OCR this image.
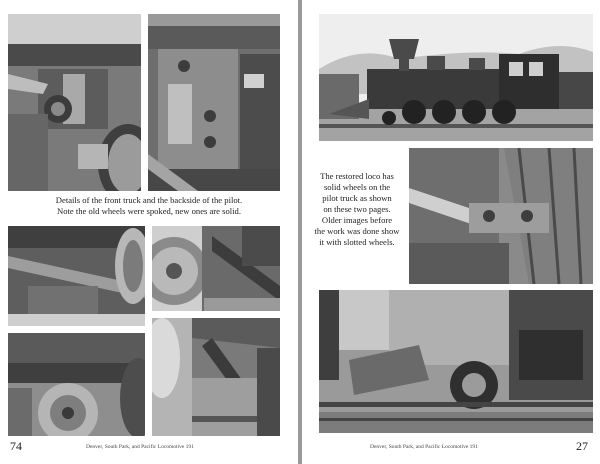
Details of the front truck and the backside of the pilot.
Note the old wheels were spoked, new ones are solid.
74	Denver, South Park, and Pacific Locomotive 191
The restored loco has
solid wheels on the
pilot truck as shown
on these two pages.
Older images before
the work was done show
it with slotted wheels.
Denver, South Park, and Pacific Locomotive 191	27
